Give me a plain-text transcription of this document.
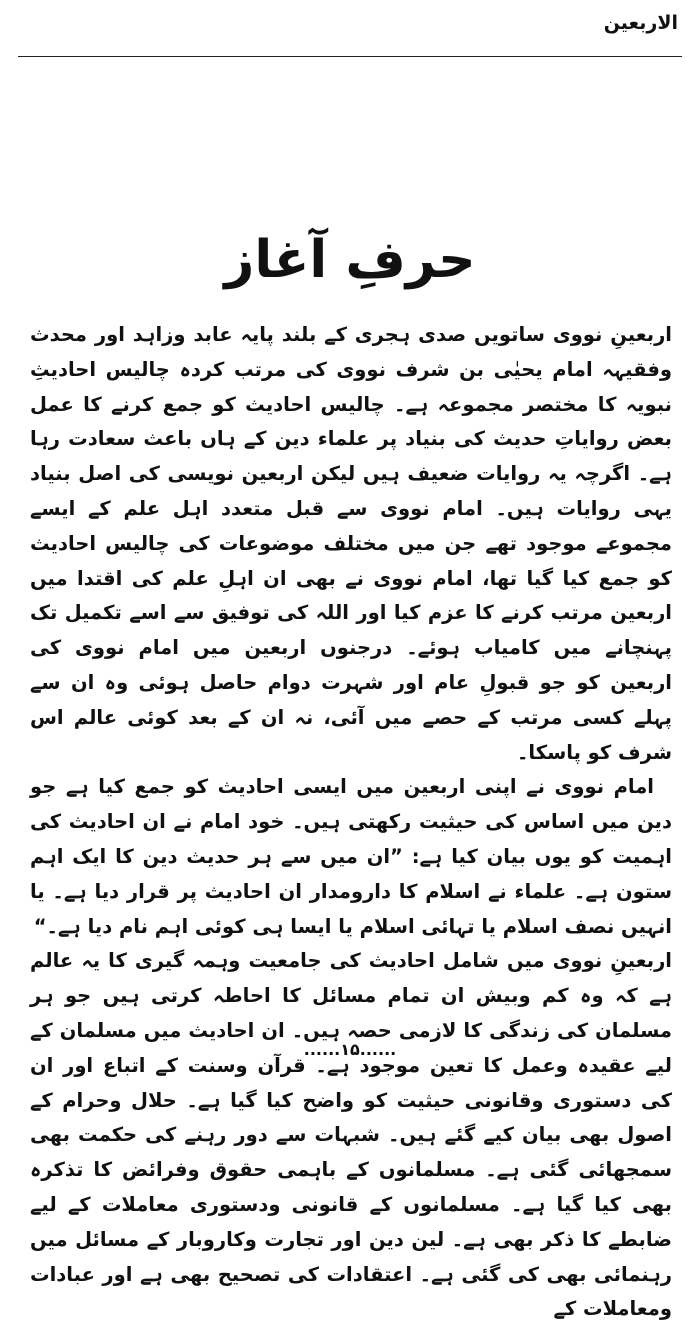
الاربعین
حرفِ آغاز

اربعینِ نووی ساتویں صدی ہجری کے بلند پایہ عابد وزاہد اور محدث وفقیہہ امام یحیٰی بن شرف نووی کی مرتب کردہ چالیس احادیثِ نبویہ کا مختصر مجموعہ ہے۔ چالیس احادیث کو جمع کرنے کا عمل بعض روایاتِ حدیث کی بنیاد پر علماء دین کے ہاں باعث سعادت رہا ہے۔ اگرچہ یہ روایات ضعیف ہیں لیکن اربعین نویسی کی اصل بنیاد یہی روایات ہیں۔ امام نووی سے قبل متعدد اہل علم کے ایسے مجموعے موجود تھے جن میں مختلف موضوعات کی چالیس احادیث کو جمع کیا گیا تھا، امام نووی نے بھی ان اہلِ علم کی اقتدا میں اربعین مرتب کرنے کا عزم کیا اور اللہ کی توفیق سے اسے تکمیل تک پہنچانے میں کامیاب ہوئے۔ درجنوں اربعین میں امام نووی کی اربعین کو جو قبولِ عام اور شہرت دوام حاصل ہوئی وہ ان سے پہلے کسی مرتب کے حصے میں آئی، نہ ان کے بعد کوئی عالم اس شرف کو پاسکا۔

امام نووی نے اپنی اربعین میں ایسی احادیث کو جمع کیا ہے جو دین میں اساس کی حیثیت رکھتی ہیں۔ خود امام نے ان احادیث کی اہمیت کو یوں بیان کیا ہے: ”ان میں سے ہر حدیث دین کا ایک اہم ستون ہے۔ علماء نے اسلام کا دارومدار ان احادیث پر قرار دیا ہے۔ یا انہیں نصف اسلام یا تہائی اسلام یا ایسا ہی کوئی اہم نام دیا ہے۔“

اربعینِ نووی میں شامل احادیث کی جامعیت وہمہ گیری کا یہ عالم ہے کہ وہ کم وبیش ان تمام مسائل کا احاطہ کرتی ہیں جو ہر مسلمان کی زندگی کا لازمی حصہ ہیں۔ ان احادیث میں مسلمان کے لیے عقیدہ وعمل کا تعین موجود ہے۔ قرآن وسنت کے اتباع اور ان کی دستوری وقانونی حیثیت کو واضح کیا گیا ہے۔ حلال وحرام کے اصول بھی بیان کیے گئے ہیں۔ شبہات سے دور رہنے کی حکمت بھی سمجھائی گئی ہے۔ مسلمانوں کے باہمی حقوق وفرائض کا تذکرہ بھی کیا گیا ہے۔ مسلمانوں کے قانونی ودستوری معاملات کے لیے ضابطے کا ذکر بھی ہے۔ لین دین اور تجارت وکاروبار کے مسائل میں رہنمائی بھی کی گئی ہے۔ اعتقادات کی تصحیح بھی ہے اور عبادات ومعاملات کے

......۱۵......
